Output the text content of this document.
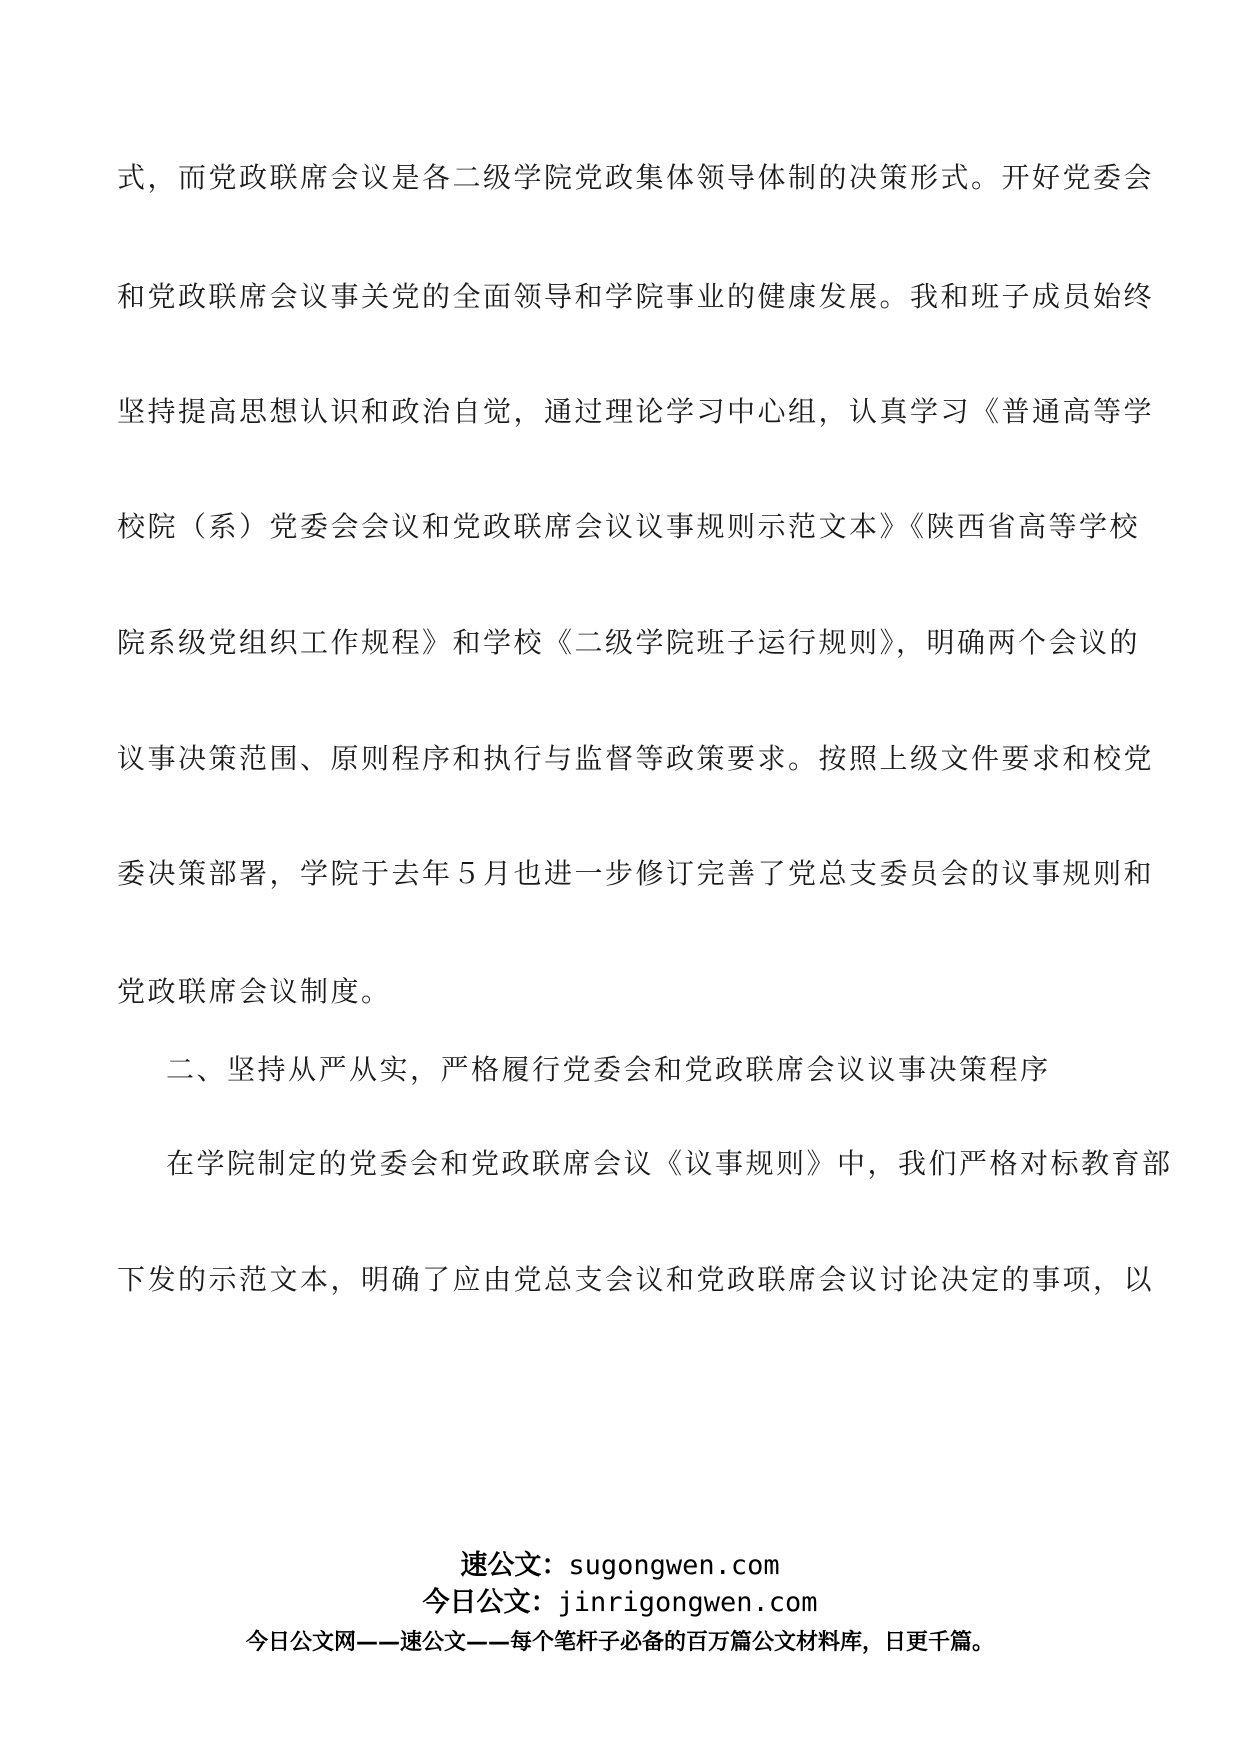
式，而党政联席会议是各二级学院党政集体领导体制的决策形式。开好党委会
和党政联席会议事关党的全面领导和学院事业的健康发展。我和班子成员始终
坚持提高思想认识和政治自觉，通过理论学习中心组，认真学习《普通高等学
校院（系）党委会会议和党政联席会议议事规则示范文本》《陕西省高等学校
院系级党组织工作规程》和学校《二级学院班子运行规则》，明确两个会议的
议事决策范围、原则程序和执行与监督等政策要求。按照上级文件要求和校党
委决策部署，学院于去年５月也进一步修订完善了党总支委员会的议事规则和
党政联席会议制度。
二、坚持从严从实，严格履行党委会和党政联席会议议事决策程序
在学院制定的党委会和党政联席会议《议事规则》中，我们严格对标教育部
下发的示范文本，明确了应由党总支会议和党政联席会议讨论决定的事项，以
速公文：sugongwen.com
今日公文：jinrigongwen.com
今日公文网——速公文——每个笔杆子必备的百万篇公文材料库，日更千篇。
